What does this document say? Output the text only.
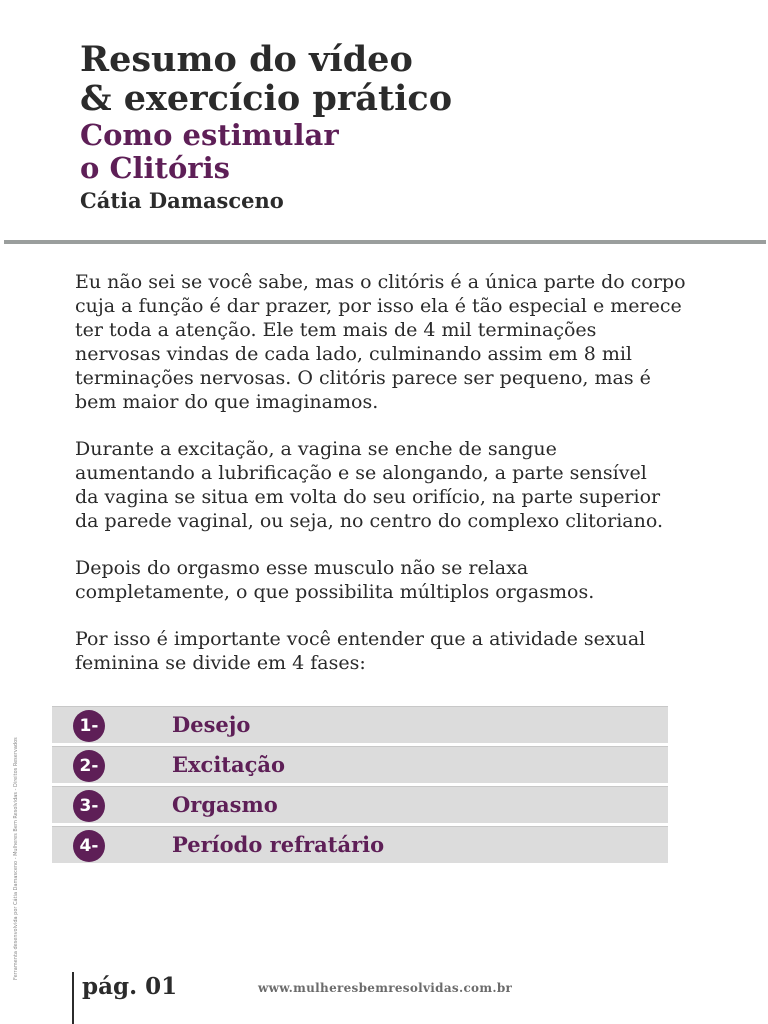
Resumo do vídeo
& exercício prático
Como estimular
o Clitóris
Cátia Damasceno

Eu não sei se você sabe, mas o clitóris é a única parte do corpo
cuja a função é dar prazer, por isso ela é tão especial e merece
ter toda a atenção. Ele tem mais de 4 mil terminações
nervosas vindas de cada lado, culminando assim em 8 mil
terminações nervosas. O clitóris parece ser pequeno, mas é
bem maior do que imaginamos.

Durante a excitação, a vagina se enche de sangue
aumentando a lubrificação e se alongando, a parte sensível
da vagina se situa em volta do seu orifício, na parte superior
da parede vaginal, ou seja, no centro do complexo clitoriano.

Depois do orgasmo esse musculo não se relaxa
completamente, o que possibilita múltiplos orgasmos.

Por isso é importante você entender que a atividade sexual
feminina se divide em 4 fases:

1-	Desejo
2-	Excitação
3-	Orgasmo
4-	Período refratário
Ferramenta desenvolvida por Cátia Damasceno - Mulheres Bem Resolvidas - Direitos Reservados
pág. 01	www.mulheresbemresolvidas.com.br
